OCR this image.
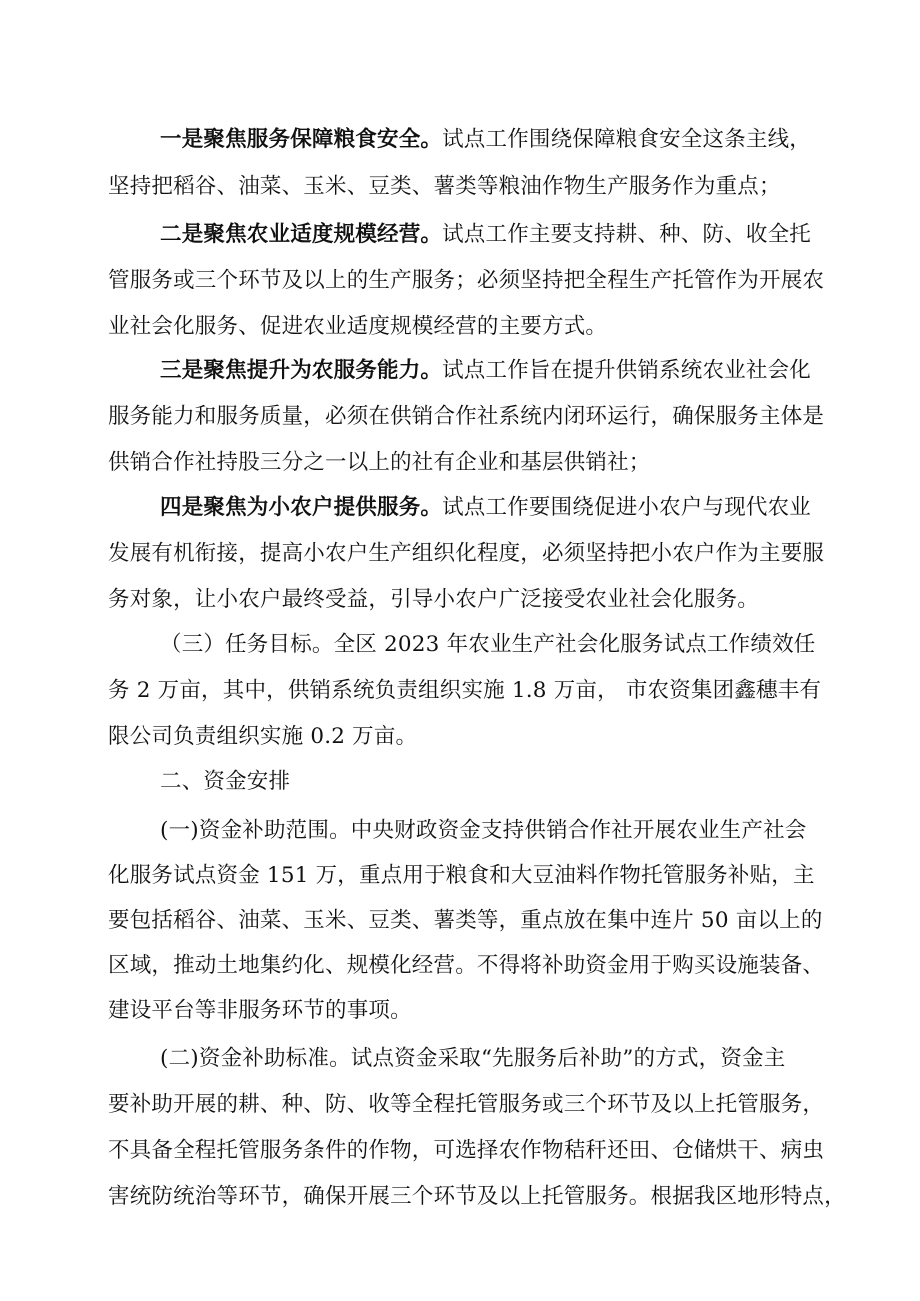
一是聚焦服务保障粮食安全。试点工作围绕保障粮食安全这条主线，
坚持把稻谷、油菜、玉米、豆类、薯类等粮油作物生产服务作为重点；
二是聚焦农业适度规模经营。试点工作主要支持耕、种、防、收全托
管服务或三个环节及以上的生产服务；必须坚持把全程生产托管作为开展农
业社会化服务、促进农业适度规模经营的主要方式。
三是聚焦提升为农服务能力。试点工作旨在提升供销系统农业社会化
服务能力和服务质量，必须在供销合作社系统内闭环运行，确保服务主体是
供销合作社持股三分之一以上的社有企业和基层供销社；
四是聚焦为小农户提供服务。试点工作要围绕促进小农户与现代农业
发展有机衔接，提高小农户生产组织化程度，必须坚持把小农户作为主要服
务对象，让小农户最终受益，引导小农户广泛接受农业社会化服务。
（三）任务目标。全区 2023 年农业生产社会化服务试点工作绩效任
务 2 万亩，其中，供销系统负责组织实施 1.8 万亩， 市农资集团鑫穗丰有
限公司负责组织实施 0.2 万亩。
二、资金安排
(一)资金补助范围。中央财政资金支持供销合作社开展农业生产社会
化服务试点资金 151 万，重点用于粮食和大豆油料作物托管服务补贴，主
要包括稻谷、油菜、玉米、豆类、薯类等，重点放在集中连片 50 亩以上的
区域，推动土地集约化、规模化经营。不得将补助资金用于购买设施装备、
建设平台等非服务环节的事项。
(二)资金补助标准。试点资金采取“先服务后补助”的方式，资金主
要补助开展的耕、种、防、收等全程托管服务或三个环节及以上托管服务，
不具备全程托管服务条件的作物，可选择农作物秸秆还田、仓储烘干、病虫
害统防统治等环节，确保开展三个环节及以上托管服务。根据我区地形特点，
